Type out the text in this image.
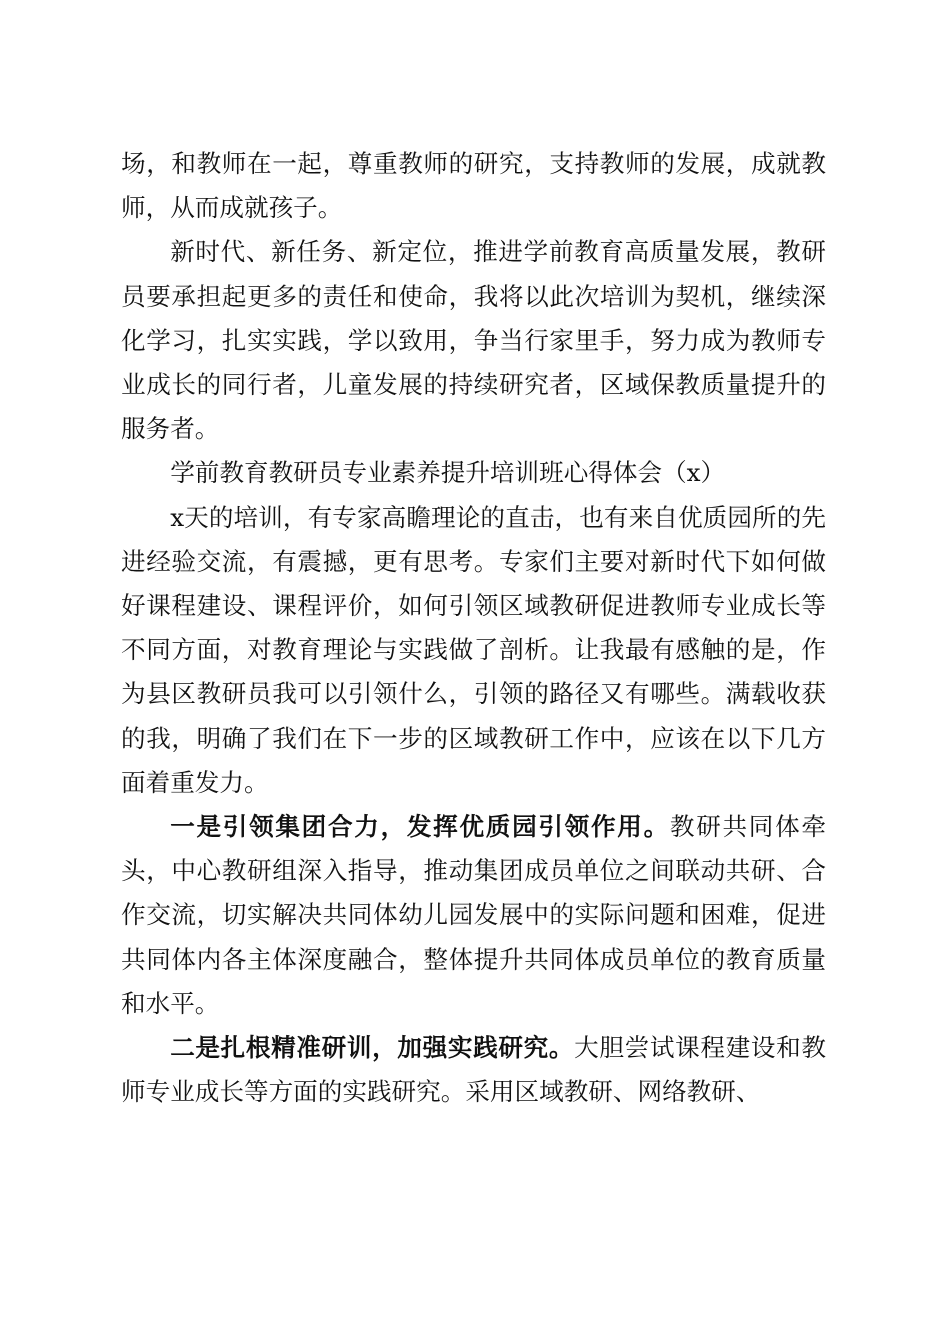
场，和教师在一起，尊重教师的研究，支持教师的发展，成就教师，从而成就孩子。

新时代、新任务、新定位，推进学前教育高质量发展，教研员要承担起更多的责任和使命，我将以此次培训为契机，继续深化学习，扎实实践，学以致用，争当行家里手，努力成为教师专业成长的同行者，儿童发展的持续研究者，区域保教质量提升的服务者。

学前教育教研员专业素养提升培训班心得体会（x）

x天的培训，有专家高瞻理论的直击，也有来自优质园所的先进经验交流，有震撼，更有思考。专家们主要对新时代下如何做好课程建设、课程评价，如何引领区域教研促进教师专业成长等不同方面，对教育理论与实践做了剖析。让我最有感触的是，作为县区教研员我可以引领什么，引领的路径又有哪些。满载收获的我，明确了我们在下一步的区域教研工作中，应该在以下几方面着重发力。

一是引领集团合力，发挥优质园引领作用。教研共同体牵头，中心教研组深入指导，推动集团成员单位之间联动共研、合作交流，切实解决共同体幼儿园发展中的实际问题和困难，促进共同体内各主体深度融合，整体提升共同体成员单位的教育质量和水平。

二是扎根精准研训，加强实践研究。大胆尝试课程建设和教师专业成长等方面的实践研究。采用区域教研、网络教研、
